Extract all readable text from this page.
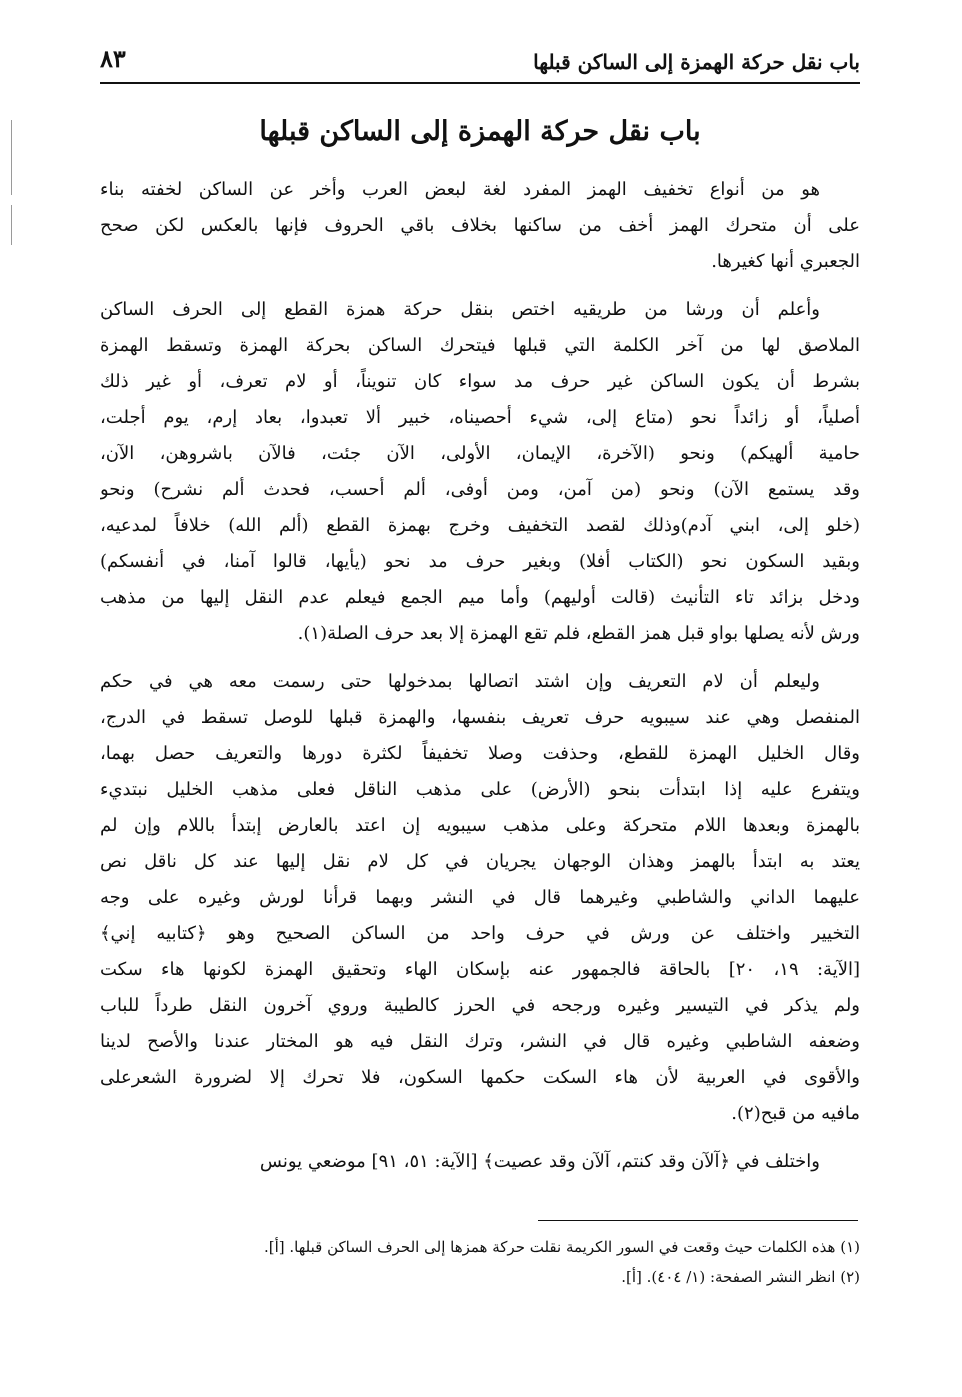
باب نقل حركة الهمزة إلى الساكن قبلها
٨٣
باب نقل حركة الهمزة إلى الساكن قبلها
هو من أنواع تخفيف الهمز المفرد لغة لبعض العرب وأخر عن الساكن لخفته بناء
على أن متحرك الهمز أخف من ساكنها بخلاف باقي الحروف فإنها بالعكس لكن صحح
الجعبري أنها كغيرها.
وأعلم أن ورشا من طريقيه اختص بنقل حركة همزة القطع إلى الحرف الساكن
الملاصق لها من آخر الكلمة التي قبلها فيتحرك الساكن بحركة الهمزة وتسقط الهمزة
بشرط أن يكون الساكن غير حرف مد سواء كان تنويناً، أو لام تعرف، أو غير ذلك
أصلياً، أو زائداً نحو (متاع إلى، شيء أحصيناه، خبير ألا تعبدوا، بعاد إرم، يوم أجلت،
حامية ألهيكم) ونحو (الآخرة، الإيمان، الأولى، الآن جئت، فالآن باشروهن، الآن،
وقد يستمع الآن) ونحو (من آمن، ومن أوفى، ألم أحسب، فحدث ألم نشرح) ونحو
(خلو إلى، ابني آدم)وذلك لقصد التخفيف وخرج بهمزة القطع (ألم الله) خلافاً لمدعيه،
وبقيد السكون نحو (الكتاب أفلا) وبغير حرف مد نحو (يأيها، قالوا آمنا، في أنفسكم)
ودخل بزائد تاء التأنيث (قالت أوليهم) وأما ميم الجمع فيعلم عدم النقل إليها من مذهب
ورش لأنه يصلها بواو قبل همز القطع، فلم تقع الهمزة إلا بعد حرف الصلة(١).
وليعلم أن لام التعريف وإن اشتد اتصالها بمدخولها حتى رسمت معه هي في حكم
المنفصل وهي عند سيبويه حرف تعريف بنفسها، والهمزة قبلها للوصل تسقط في الدرج،
وقال الخليل الهمزة للقطع، وحذفت وصلا تخفيفاً لكثرة دورها والتعريف حصل بهما،
ويتفرع عليه إذا ابتدأت بنحو (الأرض) على مذهب الناقل فعلى مذهب الخليل نبتديء
بالهمزة وبعدها اللام متحركة وعلى مذهب سيبويه إن اعتد بالعارض إبتدأ باللام وإن لم
يعتد به ابتدأ بالهمز وهذان الوجهان يجريان في كل لام نقل إليها عند كل ناقل نص
عليهما الداني والشاطبي وغيرهما قال في النشر وبهما قرأنا لورش وغيره على وجه
التخيير واختلف عن ورش في حرف واحد من الساكن الصحيح وهو ﴿كتابيه إني﴾
[الآية: ١٩، ٢٠] بالحاقة فالجمهور عنه بإسكان الهاء وتحقيق الهمزة لكونها هاء سكت
ولم يذكر في التيسير وغيره ورجحه في الحرز كالطيبة وروي آخرون النقل طرداً للباب
وضعفه الشاطبي وغيره قال في النشر، وترك النقل فيه هو المختار عندنا والأصح لدينا
والأقوى في العربية لأن هاء السكت حكمها السكون، فلا تحرك إلا لضرورة الشعرعلى
مافيه من قبح(٢).
واختلف في ﴿آلآن وقد كنتم، آلآن وقد عصيت﴾ [الآية: ٥١، ٩١] موضعي يونس
(١) هذه الكلمات حيث وقعت في السور الكريمة نقلت حركة همزها إلى الحرف الساكن قبلها. [أ].
(٢) انظر النشر الصفحة: (١/ ٤٠٤). [أ].
